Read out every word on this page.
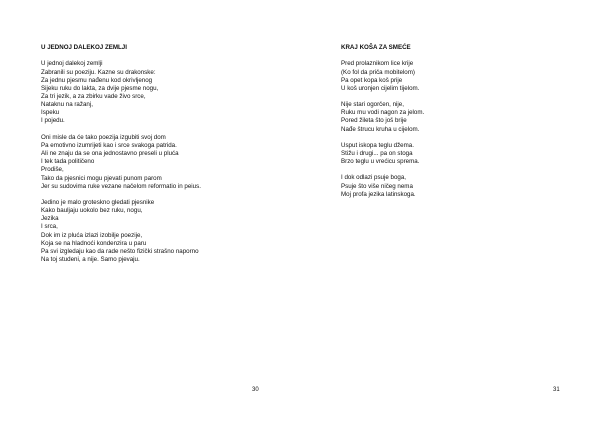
U JEDNOJ DALEKOJ ZEMLJI
U jednoj dalekoj zemlji
Zabranili su poeziju. Kazne su drakonske:
Za jednu pjesmu nađenu kod okrivljenog
Sijeku ruku do lakta, za dvije pjesme nogu,
Za tri jezik, a za zbirku vade živo srce,
Nataknu na ražanj,
Ispeku
I pojedu.
Oni misle da će tako poezija izgubiti svoj dom
Pa emotivno izumrijeti kao i srce svakoga patrida.
Ali ne znaju da se ona jednostavno preseli u pluća
I tek tada političeno
Prodiše,
Tako da pjesnici mogu pjevati punom parom
Jer su sudovima ruke vezane načelom reformatio in peius.
Jedino je malo groteskno gledati pjesnike
Kako bauljaju uokolo bez ruku, nogu,
Jezika
I srca,
Dok im iz pluća izlazi izobilje poezije,
Koja se na hladnoći kondenzira u paru
Pa svi izgledaju kao da rade nešto fizički strašno naporno
Na toj studeni, a nije. Samo pjevaju.
30
KRAJ KOŠA ZA SMEĆE
Pred prolaznikom lice krije
(Ko fol da priča mobitelom)
Pa opet kopa koš prije
U koš uronjen cijelim tijelom.
Nije stari ogorčen, nije,
Ruku mu vodi nagon za jelom.
Pored žileta što još brije
Nađe štrucu kruha u cijelom.
Usput iskopa teglu džema.
Stižu i drugi... pa on stoga
Brzo teglu u vrećicu sprema.
I dok odlazi psuje boga,
Psuje što više ničeg nema
Moj profa jezika latinskoga.
31
